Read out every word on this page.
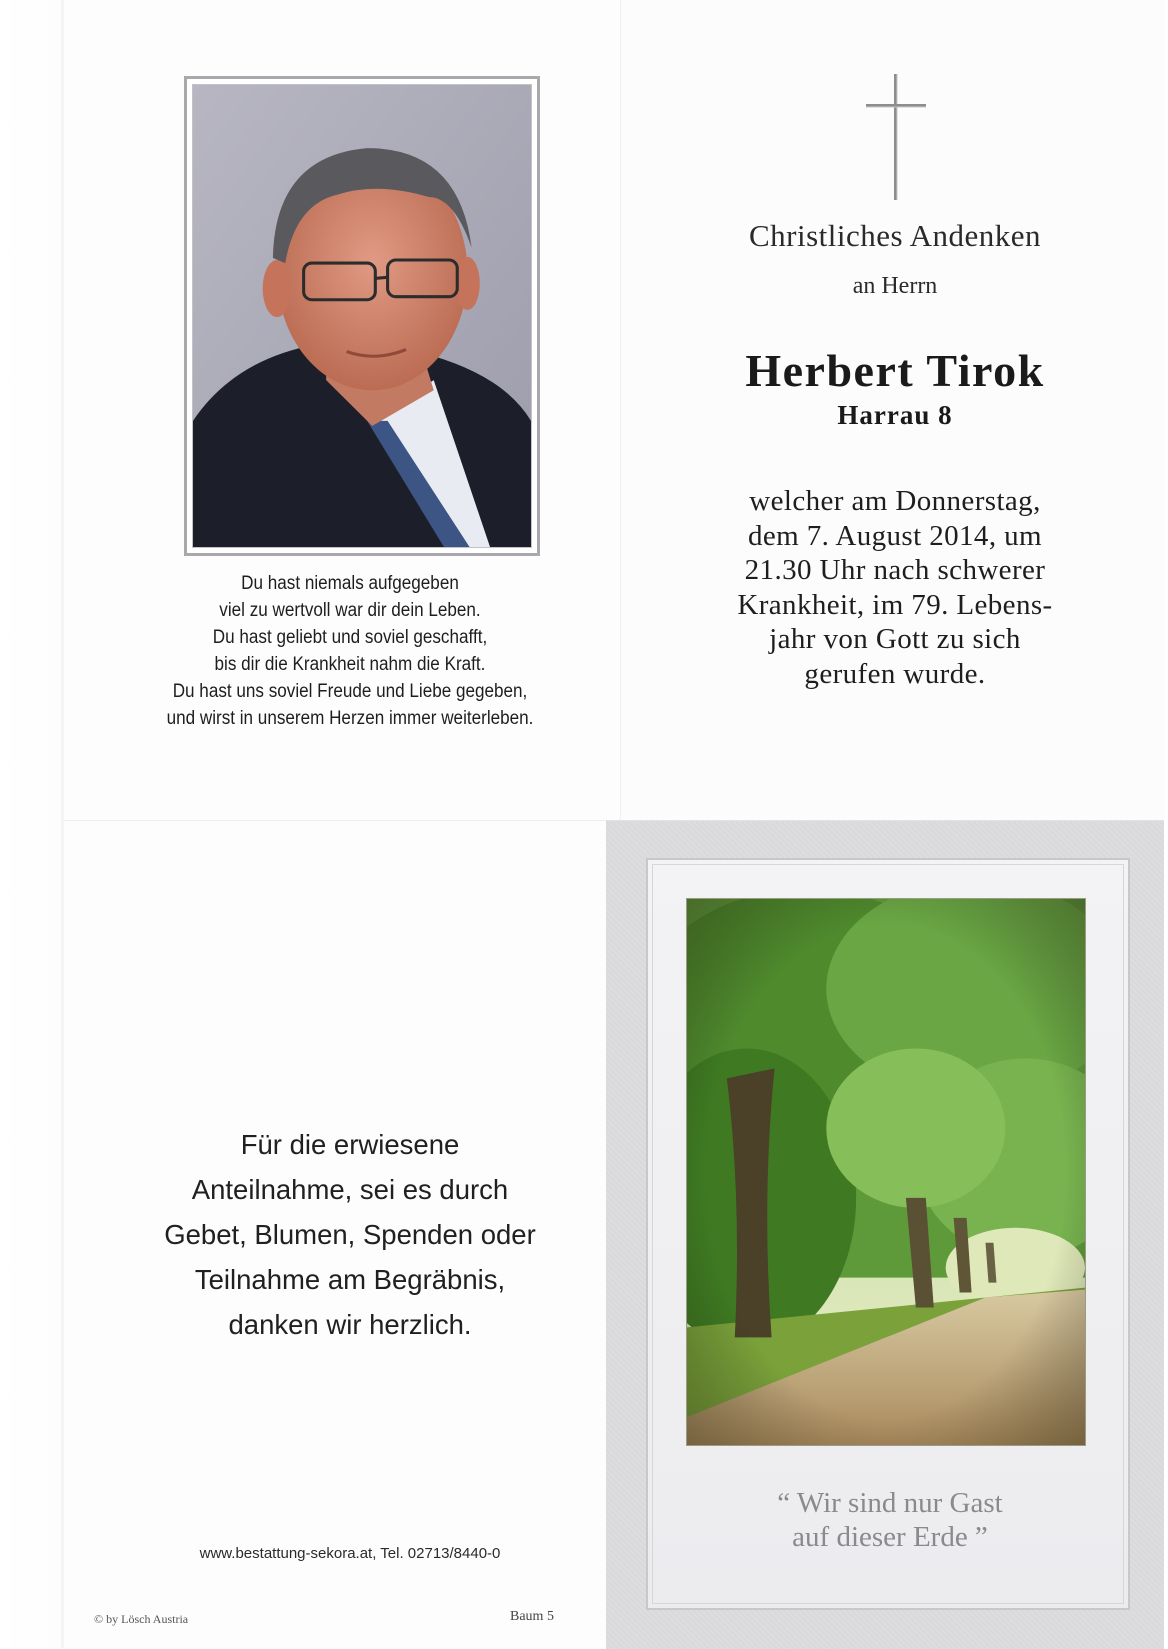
Du hast niemals aufgegeben
viel zu wertvoll war dir dein Leben.
Du hast geliebt und soviel geschafft,
bis dir die Krankheit nahm die Kraft.
Du hast uns soviel Freude und Liebe gegeben,
und wirst in unserem Herzen immer weiterleben.
Christliches Andenken
an Herrn
Herbert Tirok
Harrau 8
welcher am Donnerstag,
dem 7. August 2014, um
21.30 Uhr nach schwerer
Krankheit, im 79. Lebens-
jahr von Gott zu sich
gerufen wurde.
Für die erwiesene
Anteilnahme, sei es durch
Gebet, Blumen, Spenden oder
Teilnahme am Begräbnis,
danken wir herzlich.
www.bestattung-sekora.at, Tel. 02713/8440-0
© by Lösch Austria	Baum 5
“ Wir sind nur Gast
auf dieser Erde ”
